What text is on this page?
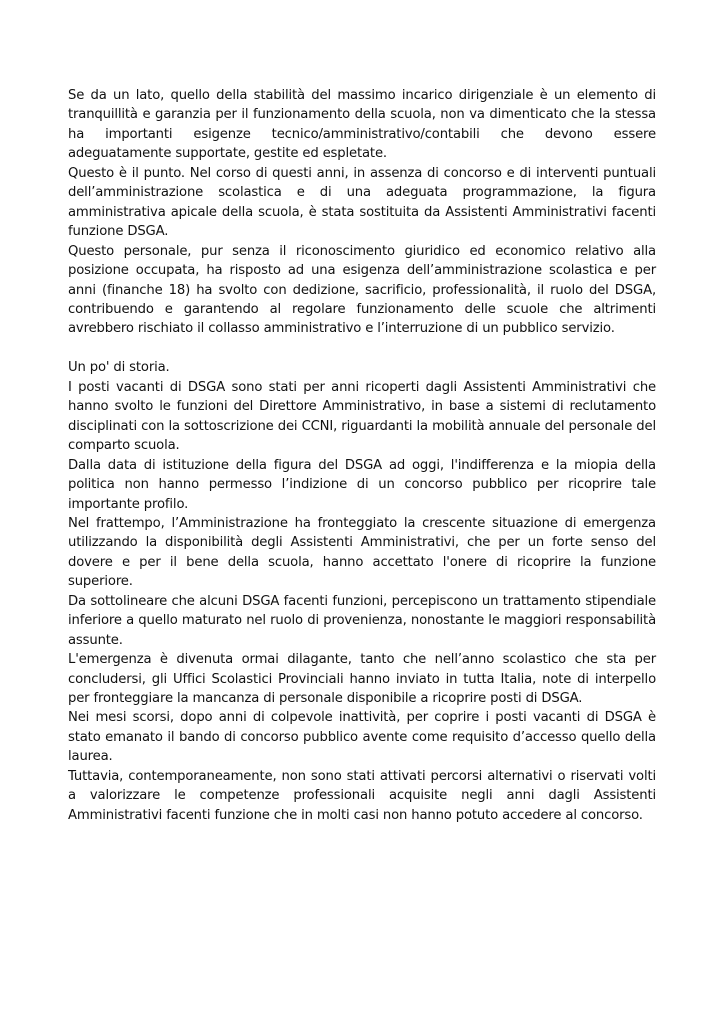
Se da un lato, quello della stabilità del massimo incarico dirigenziale è un elemento di tranquillità e garanzia per il funzionamento della scuola, non va dimenticato che la stessa ha importanti esigenze tecnico/amministrativo/contabili che devono essere adeguatamente supportate, gestite ed espletate.

Questo è il punto. Nel corso di questi anni, in assenza di concorso e di interventi puntuali dell’amministrazione scolastica e di una adeguata programmazione, la figura amministrativa apicale della scuola, è stata sostituita da Assistenti Amministrativi facenti funzione DSGA.

Questo personale, pur senza il riconoscimento giuridico ed economico relativo alla posizione occupata, ha risposto ad una esigenza dell’amministrazione scolastica e per anni (finanche 18) ha svolto con dedizione, sacrificio, professionalità, il ruolo del DSGA, contribuendo e garantendo al regolare funzionamento delle scuole che altrimenti avrebbero rischiato il collasso amministrativo e l’interruzione di un pubblico servizio.

Un po' di storia.

I posti vacanti di DSGA sono stati per anni ricoperti dagli Assistenti Amministrativi che hanno svolto le funzioni del Direttore Amministrativo, in base a sistemi di reclutamento disciplinati con la sottoscrizione dei CCNI, riguardanti la mobilità annuale del personale del comparto scuola.

Dalla data di istituzione della figura del DSGA ad oggi, l'indifferenza e la miopia della politica non hanno permesso l’indizione di un concorso pubblico per ricoprire tale importante profilo.

Nel frattempo, l’Amministrazione ha fronteggiato la crescente situazione di emergenza utilizzando la disponibilità degli Assistenti Amministrativi, che per un forte senso del dovere e per il bene della scuola, hanno accettato l'onere di ricoprire la funzione superiore.

Da sottolineare che alcuni DSGA facenti funzioni, percepiscono un trattamento stipendiale inferiore a quello maturato nel ruolo di provenienza, nonostante le maggiori responsabilità assunte.

L'emergenza è divenuta ormai dilagante, tanto che nell’anno scolastico che sta per concludersi, gli Uffici Scolastici Provinciali hanno inviato in tutta Italia, note di interpello per fronteggiare la mancanza di personale disponibile a ricoprire posti di DSGA.

Nei mesi scorsi, dopo anni di colpevole inattività, per coprire i posti vacanti di DSGA è stato emanato il bando di concorso pubblico avente come requisito d’accesso quello della laurea.

Tuttavia, contemporaneamente, non sono stati attivati percorsi alternativi o riservati volti a valorizzare le competenze professionali acquisite negli anni dagli Assistenti Amministrativi facenti funzione che in molti casi non hanno potuto accedere al concorso.
